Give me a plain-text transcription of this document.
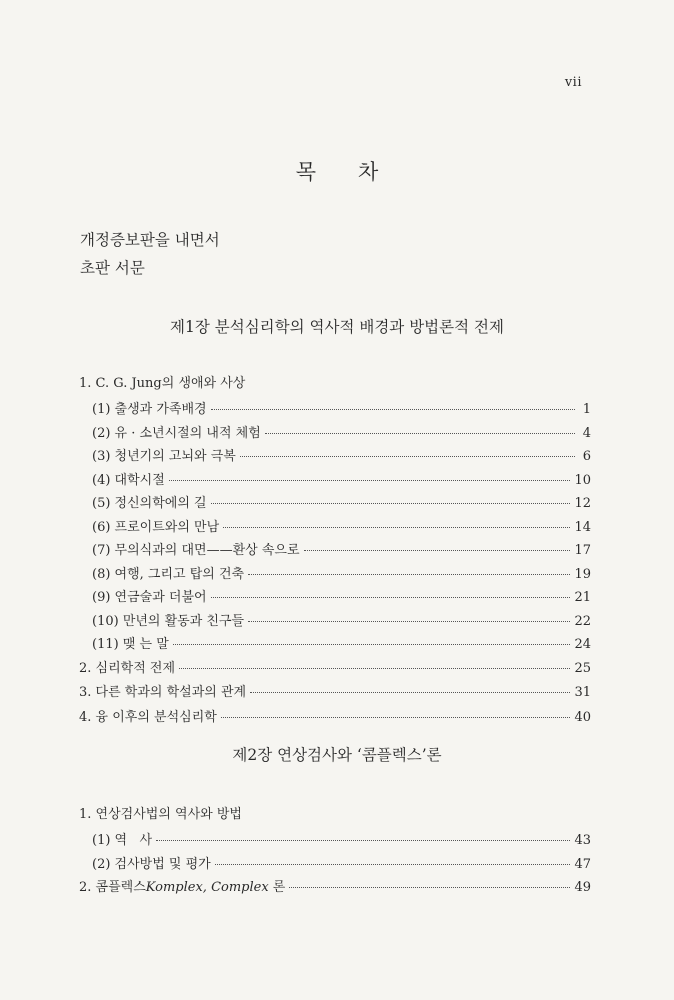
vii
목 차
개정증보판을 내면서
초판 서문
제1장 분석심리학의 역사적 배경과 방법론적 전제
1. C. G. Jung의 생애와 사상
(1) 출생과 가족배경	1
(2) 유 · 소년시절의 내적 체험	4
(3) 청년기의 고뇌와 극복	6
(4) 대학시절	10
(5) 정신의학에의 길	12
(6) 프로이트와의 만남	14
(7) 무의식과의 대면——환상 속으로	17
(8) 여행, 그리고 탑의 건축	19
(9) 연금술과 더불어	21
(10) 만년의 활동과 친구들	22
(11) 맺 는 말	24
2. 심리학적 전제	25
3. 다른 학과의 학설과의 관계	31
4. 융 이후의 분석심리학	40
제2장 연상검사와 ‘콤플렉스’론
1. 연상검사법의 역사와 방법
(1) 역   사	43
(2) 검사방법 및 평가	47
2. 콤플렉스Komplex, Complex 론	49
